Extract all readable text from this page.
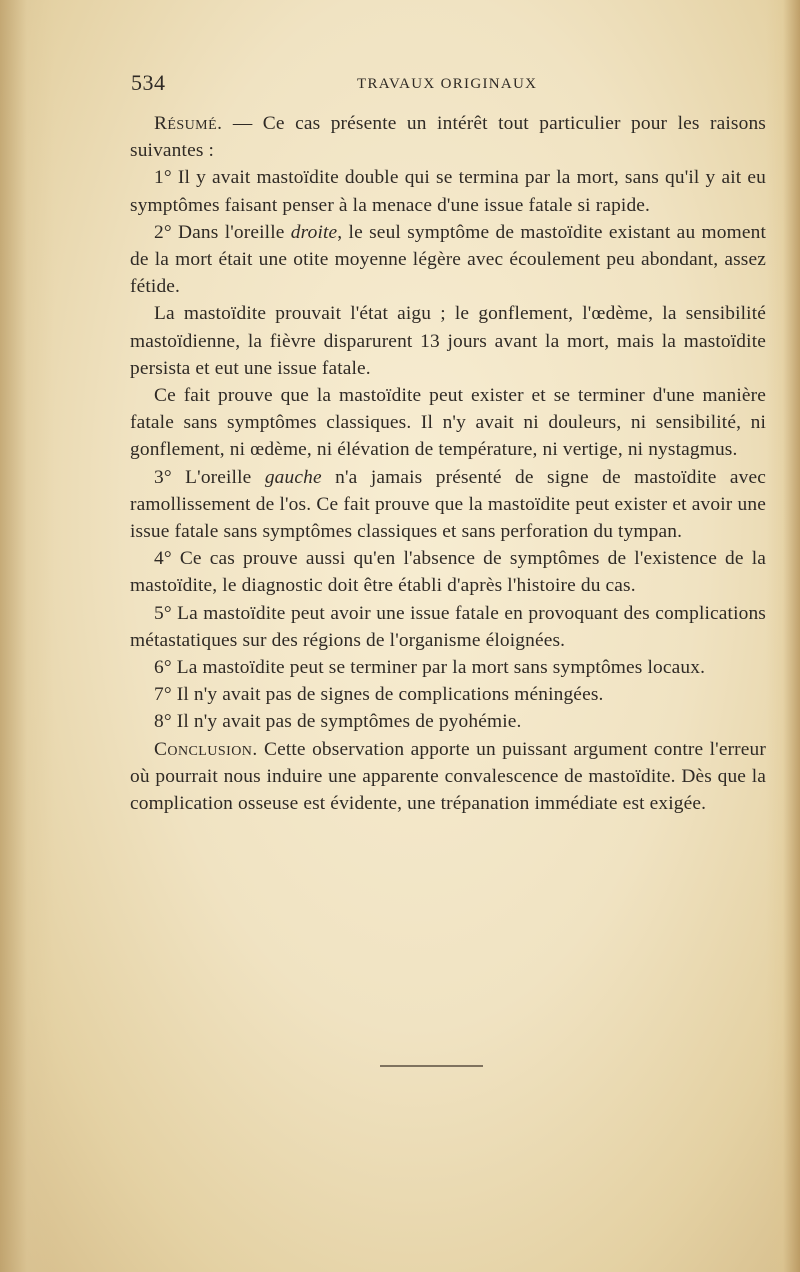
534	TRAVAUX ORIGINAUX

Résumé. — Ce cas présente un intérêt tout particulier pour les raisons suivantes :

1° Il y avait mastoïdite double qui se termina par la mort, sans qu'il y ait eu symptômes faisant penser à la menace d'une issue fatale si rapide.

2° Dans l'oreille droite, le seul symptôme de mastoïdite existant au moment de la mort était une otite moyenne légère avec écoulement peu abondant, assez fétide.

La mastoïdite prouvait l'état aigu ; le gonflement, l'œdème, la sensibilité mastoïdienne, la fièvre disparurent 13 jours avant la mort, mais la mastoïdite persista et eut une issue fatale.

Ce fait prouve que la mastoïdite peut exister et se terminer d'une manière fatale sans symptômes classiques. Il n'y avait ni douleurs, ni sensibilité, ni gonflement, ni œdème, ni élévation de température, ni vertige, ni nystagmus.

3° L'oreille gauche n'a jamais présenté de signe de mastoïdite avec ramollissement de l'os. Ce fait prouve que la mastoïdite peut exister et avoir une issue fatale sans symptômes classiques et sans perforation du tympan.

4° Ce cas prouve aussi qu'en l'absence de symptômes de l'existence de la mastoïdite, le diagnostic doit être établi d'après l'histoire du cas.

5° La mastoïdite peut avoir une issue fatale en provoquant des complications métastatiques sur des régions de l'organisme éloignées.

6° La mastoïdite peut se terminer par la mort sans symptômes locaux.

7° Il n'y avait pas de signes de complications méningées.

8° Il n'y avait pas de symptômes de pyohémie.

Conclusion. Cette observation apporte un puissant argument contre l'erreur où pourrait nous induire une apparente convalescence de mastoïdite. Dès que la complication osseuse est évidente, une trépanation immédiate est exigée.
